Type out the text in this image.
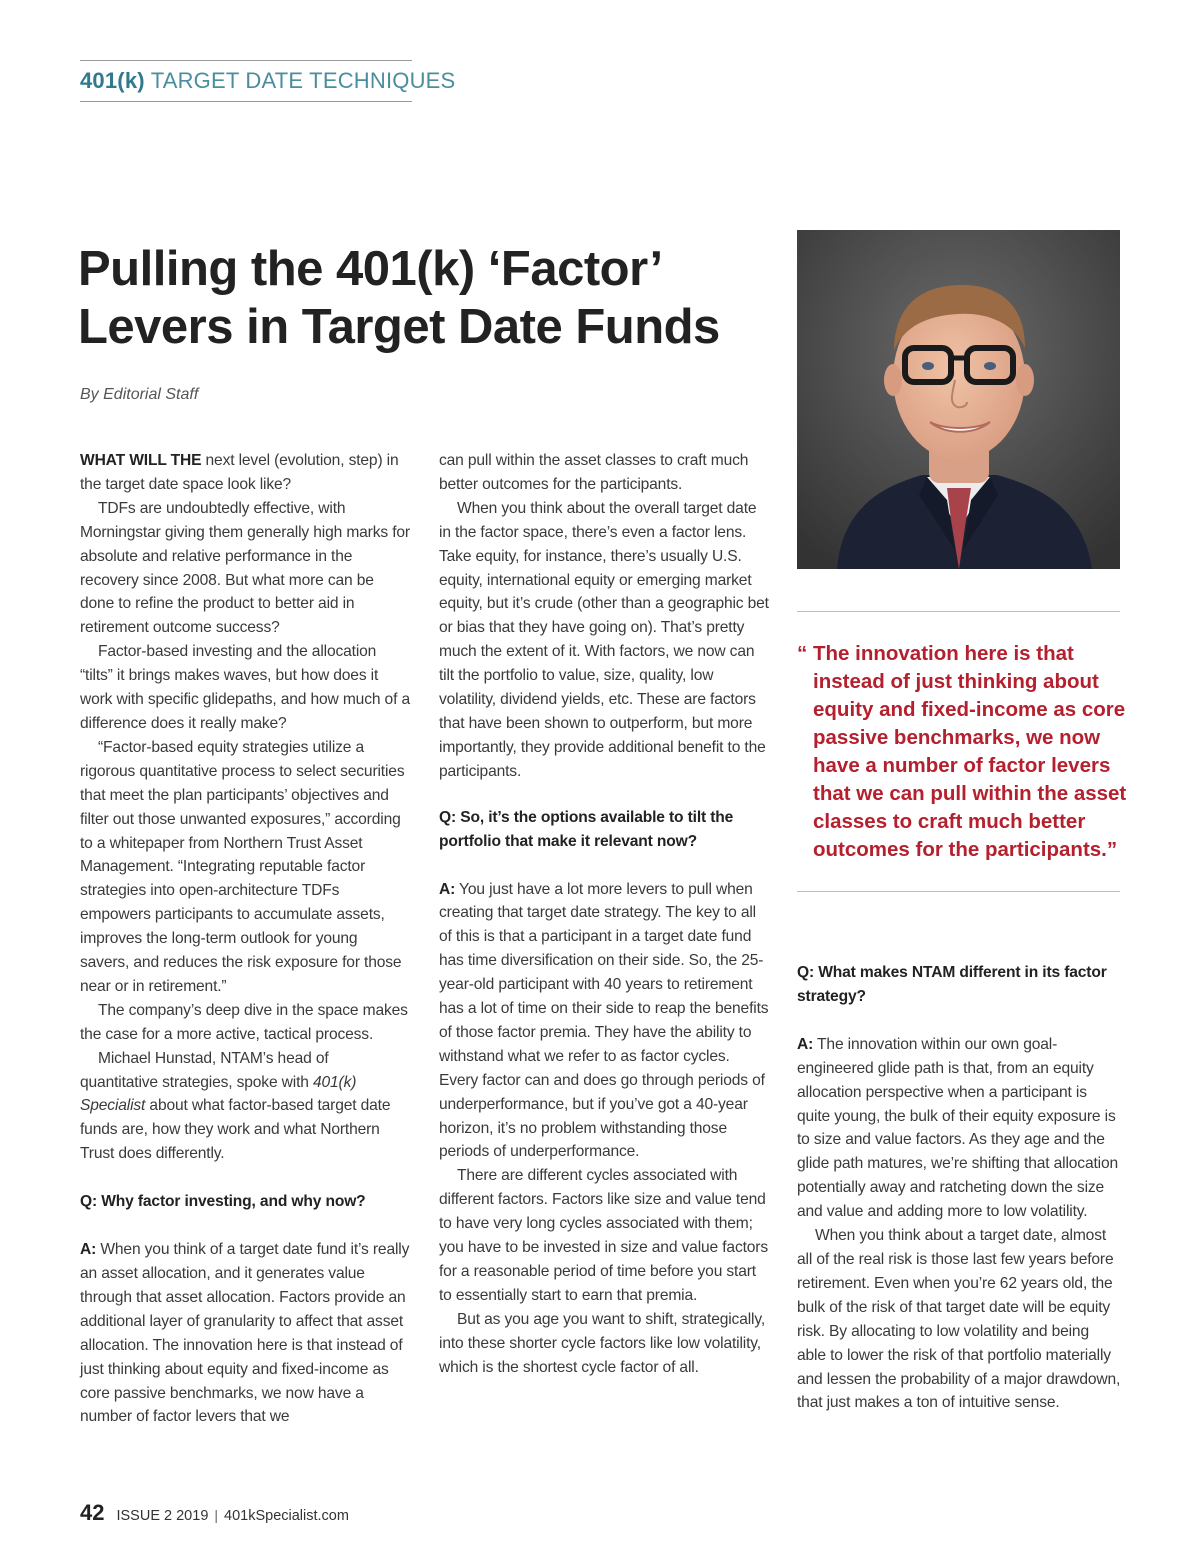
401(k) TARGET DATE TECHNIQUES
Pulling the 401(k) ‘Factor’
Levers in Target Date Funds
By Editorial Staff
“ The innovation here is that instead of just thinking about equity and fixed-income as core passive benchmarks, we now have a number of factor levers that we can pull within the asset classes to craft much better outcomes for the participants.”

WHAT WILL THE next level (evolution, step) in the target date space look like?

TDFs are undoubtedly effective, with Morningstar giving them generally high marks for absolute and relative performance in the recovery since 2008. But what more can be done to refine the product to better aid in retirement outcome success?

Factor-based investing and the allocation “tilts” it brings makes waves, but how does it work with specific glidepaths, and how much of a difference does it really make?

“Factor-based equity strategies utilize a rigorous quantitative process to select securities that meet the plan participants’ objectives and filter out those unwanted exposures,” according to a whitepaper from Northern Trust Asset Management. “Integrating reputable factor strategies into open-architecture TDFs empowers participants to accumulate assets, improves the long-term outlook for young savers, and reduces the risk exposure for those near or in retirement.”

The company’s deep dive in the space makes the case for a more active, tactical process.

Michael Hunstad, NTAM’s head of quantitative strategies, spoke with 401(k) Specialist about what factor-based target date funds are, how they work and what Northern Trust does differently.

Q: Why factor investing, and why now?

A: When you think of a target date fund it’s really an asset allocation, and it generates value through that asset allocation. Factors provide an additional layer of granularity to affect that asset allocation. The innovation here is that instead of just thinking about equity and fixed-income as core passive benchmarks, we now have a number of factor levers that we

can pull within the asset classes to craft much better outcomes for the participants.

When you think about the overall target date in the factor space, there’s even a factor lens. Take equity, for instance, there’s usually U.S. equity, international equity or emerging market equity, but it’s crude (other than a geographic bet or bias that they have going on). That’s pretty much the extent of it. With factors, we now can tilt the portfolio to value, size, quality, low volatility, dividend yields, etc. These are factors that have been shown to outperform, but more importantly, they provide additional benefit to the participants.

Q: So, it’s the options available to tilt the portfolio that make it relevant now?

A: You just have a lot more levers to pull when creating that target date strategy. The key to all of this is that a participant in a target date fund has time diversification on their side. So, the 25-year-old participant with 40 years to retirement has a lot of time on their side to reap the benefits of those factor premia. They have the ability to withstand what we refer to as factor cycles. Every factor can and does go through periods of underperformance, but if you’ve got a 40-year horizon, it’s no problem withstanding those periods of underperformance.

There are different cycles associated with different factors. Factors like size and value tend to have very long cycles associated with them; you have to be invested in size and value factors for a reasonable period of time before you start to essentially start to earn that premia.

But as you age you want to shift, strategically, into these shorter cycle factors like low volatility, which is the shortest cycle factor of all.

Q: What makes NTAM different in its factor strategy?

A: The innovation within our own goal-engineered glide path is that, from an equity allocation perspective when a participant is quite young, the bulk of their equity exposure is to size and value factors. As they age and the glide path matures, we’re shifting that allocation potentially away and ratcheting down the size and value and adding more to low volatility.

When you think about a target date, almost all of the real risk is those last few years before retirement. Even when you’re 62 years old, the bulk of the risk of that target date will be equity risk. By allocating to low volatility and being able to lower the risk of that portfolio materially and lessen the probability of a major drawdown, that just makes a ton of intuitive sense.

42 ISSUE 2 2019 | 401kSpecialist.com
